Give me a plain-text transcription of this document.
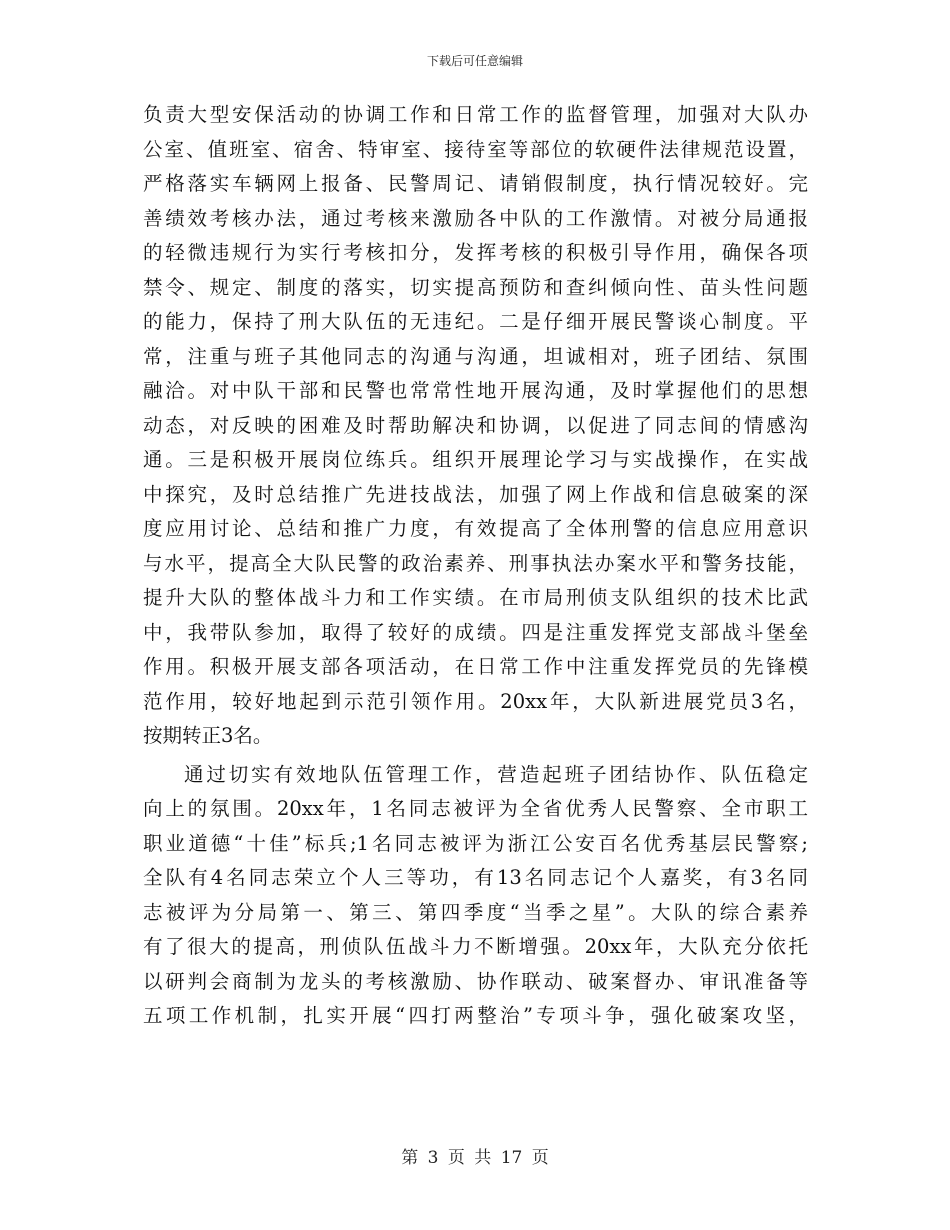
下载后可任意编辑
负责大型安保活动的协调工作和日常工作的监督管理，加强对大队办
公室、值班室、宿舍、特审室、接待室等部位的软硬件法律规范设置，
严格落实车辆网上报备、民警周记、请销假制度，执行情况较好。完
善绩效考核办法，通过考核来激励各中队的工作激情。对被分局通报
的轻微违规行为实行考核扣分，发挥考核的积极引导作用，确保各项
禁令、规定、制度的落实，切实提高预防和查纠倾向性、苗头性问题
的能力，保持了刑大队伍的无违纪。二是仔细开展民警谈心制度。平
常，注重与班子其他同志的沟通与沟通，坦诚相对，班子团结、氛围
融洽。对中队干部和民警也常常性地开展沟通，及时掌握他们的思想
动态，对反映的困难及时帮助解决和协调，以促进了同志间的情感沟
通。三是积极开展岗位练兵。组织开展理论学习与实战操作，在实战
中探究，及时总结推广先进技战法，加强了网上作战和信息破案的深
度应用讨论、总结和推广力度，有效提高了全体刑警的信息应用意识
与水平，提高全大队民警的政治素养、刑事执法办案水平和警务技能，
提升大队的整体战斗力和工作实绩。在市局刑侦支队组织的技术比武
中，我带队参加，取得了较好的成绩。四是注重发挥党支部战斗堡垒
作用。积极开展支部各项活动，在日常工作中注重发挥党员的先锋模
范作用，较好地起到示范引领作用。20xx年，大队新进展党员3名，
按期转正3名。
通过切实有效地队伍管理工作，营造起班子团结协作、队伍稳定
向上的氛围。20xx年，1名同志被评为全省优秀人民警察、全市职工
职业道德“十佳”标兵;1名同志被评为浙江公安百名优秀基层民警察;
全队有4名同志荣立个人三等功，有13名同志记个人嘉奖，有3名同
志被评为分局第一、第三、第四季度“当季之星”。大队的综合素养
有了很大的提高，刑侦队伍战斗力不断增强。20xx年，大队充分依托
以研判会商制为龙头的考核激励、协作联动、破案督办、审讯准备等
五项工作机制，扎实开展“四打两整治”专项斗争，强化破案攻坚，
第 3 页 共 17 页
